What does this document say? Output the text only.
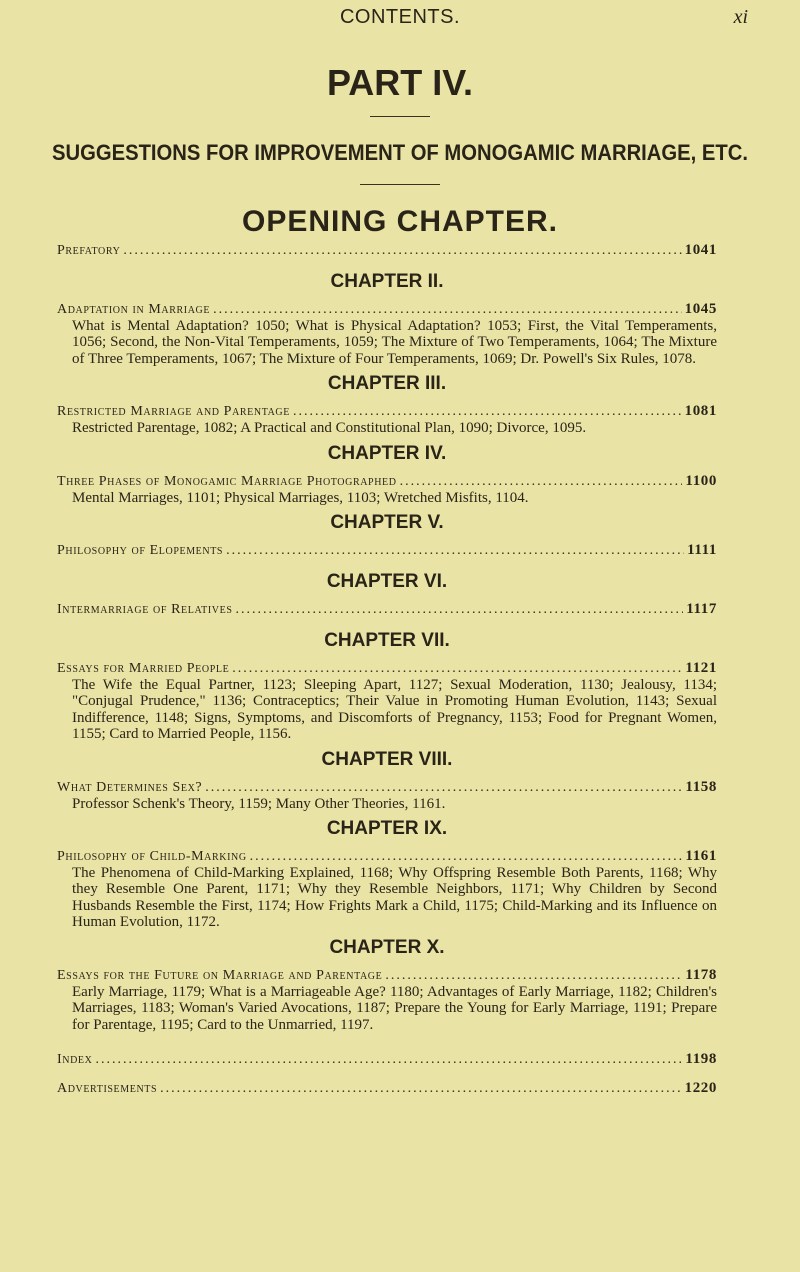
CONTENTS.	xi
PART IV.
SUGGESTIONS FOR IMPROVEMENT OF MONOGAMIC MARRIAGE, ETC.
OPENING CHAPTER.
Prefatory .....	1041
CHAPTER II.
Adaptation in Marriage .....	1045
What is Mental Adaptation? 1050; What is Physical Adaptation? 1053; First, the Vital Temperaments, 1056; Second, the Non-Vital Temperaments, 1059; The Mixture of Two Temperaments, 1064; The Mixture of Three Temperaments, 1067; The Mixture of Four Temperaments, 1069; Dr. Powell's Six Rules, 1078.
CHAPTER III.
Restricted Marriage and Parentage .....	1081
Restricted Parentage, 1082; A Practical and Constitutional Plan, 1090; Divorce, 1095.
CHAPTER IV.
Three Phases of Monogamic Marriage Photographed .....	1100
Mental Marriages, 1101; Physical Marriages, 1103; Wretched Misfits, 1104.
CHAPTER V.
Philosophy of Elopements .....	1111
CHAPTER VI.
Intermarriage of Relatives .....	1117
CHAPTER VII.
Essays for Married People .....	1121
The Wife the Equal Partner, 1123; Sleeping Apart, 1127; Sexual Moderation, 1130; Jealousy, 1134; "Conjugal Prudence," 1136; Contraceptics; Their Value in Promoting Human Evolution, 1143; Sexual Indifference, 1148; Signs, Symptoms, and Discomforts of Pregnancy, 1153; Food for Pregnant Women, 1155; Card to Married People, 1156.
CHAPTER VIII.
What Determines Sex? .....	1158
Professor Schenk's Theory, 1159; Many Other Theories, 1161.
CHAPTER IX.
Philosophy of Child-Marking .....	1161
The Phenomena of Child-Marking Explained, 1168; Why Offspring Resemble Both Parents, 1168; Why they Resemble One Parent, 1171; Why they Resemble Neighbors, 1171; Why Children by Second Husbands Resemble the First, 1174; How Frights Mark a Child, 1175; Child-Marking and its Influence on Human Evolution, 1172.
CHAPTER X.
Essays for the Future on Marriage and Parentage .....	1178
Early Marriage, 1179; What is a Marriageable Age? 1180; Advantages of Early Marriage, 1182; Children's Marriages, 1183; Woman's Varied Avocations, 1187; Prepare the Young for Early Marriage, 1191; Prepare for Parentage, 1195; Card to the Unmarried, 1197.
Index .....	1198
Advertisements .....	1220
